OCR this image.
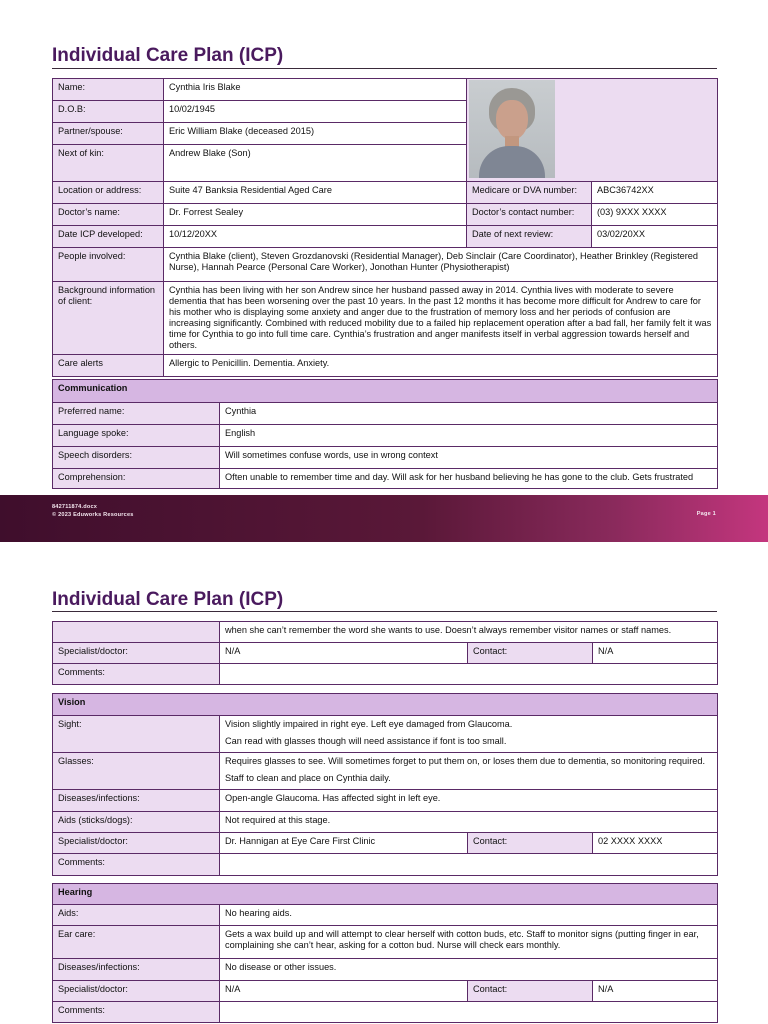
Individual Care Plan (ICP)
Name:	Cynthia Iris Blake		

D.O.B:	10/02/1945		
Partner/spouse:	Eric William Blake (deceased 2015)		
Next of kin:	Andrew Blake (Son)		
Location or address:	Suite 47 Banksia Residential Aged Care	Medicare or DVA number:	ABC36742XX
Doctor’s name:	Dr. Forrest Sealey	Doctor’s contact number:	(03) 9XXX XXXX
Date ICP developed:	10/12/20XX	Date of next review:	03/02/20XX
People involved:	Cynthia Blake (client), Steven Grozdanovski (Residential Manager), Deb Sinclair (Care Coordinator), Heather Brinkley (Registered Nurse), Hannah Pearce (Personal Care Worker), Jonothan Hunter (Physiotherapist)		
Background information of client:	Cynthia has been living with her son Andrew since her husband passed away in 2014. Cynthia lives with moderate to severe dementia that has been worsening over the past 10 years. In the past 12 months it has become more difficult for Andrew to care for his mother who is displaying some anxiety and anger due to the frustration of memory loss and her periods of confusion are increasing significantly. Combined with reduced mobility due to a failed hip replacement operation after a bad fall, her family felt it was time for Cynthia to go into full time care. Cynthia’s frustration and anger manifests itself in verbal aggression towards herself and others.		
Care alerts	Allergic to Penicillin. Dementia. Anxiety.		
Communication	
Preferred name:	Cynthia
Language spoke:	English
Speech disorders:	Will sometimes confuse words, use in wrong context
Comprehension:	Often unable to remember time and day. Will ask for her husband believing he has gone to the club. Gets frustrated
842711874.docx
© 2023 Eduworks Resources	Page 1
Individual Care Plan (ICP)
	when she can’t remember the word she wants to use. Doesn’t always remember visitor names or staff names.		
Specialist/doctor:	N/A	Contact:	N/A
Comments:			
Vision			
Sight:	Vision slightly impaired in right eye. Left eye damaged from Glaucoma.
Can read with glasses though will need assistance if font is too small.		

Glasses:	Requires glasses to see. Will sometimes forget to put them on, or loses them due to dementia, so monitoring required.
Staff to clean and place on Cynthia daily.		

Diseases/infections:	Open-angle Glaucoma. Has affected sight in left eye.		
Aids (sticks/dogs):	Not required at this stage.		
Specialist/doctor:	Dr. Hannigan at Eye Care First Clinic	Contact:	02 XXXX XXXX
Comments:			
Hearing			
Aids:	No hearing aids.		
Ear care:	Gets a wax build up and will attempt to clear herself with cotton buds, etc. Staff to monitor signs (putting finger in ear, complaining she can’t hear, asking for a cotton bud. Nurse will check ears monthly.		
Diseases/infections:	No disease or other issues.		
Specialist/doctor:	N/A	Contact:	N/A
Comments:			
